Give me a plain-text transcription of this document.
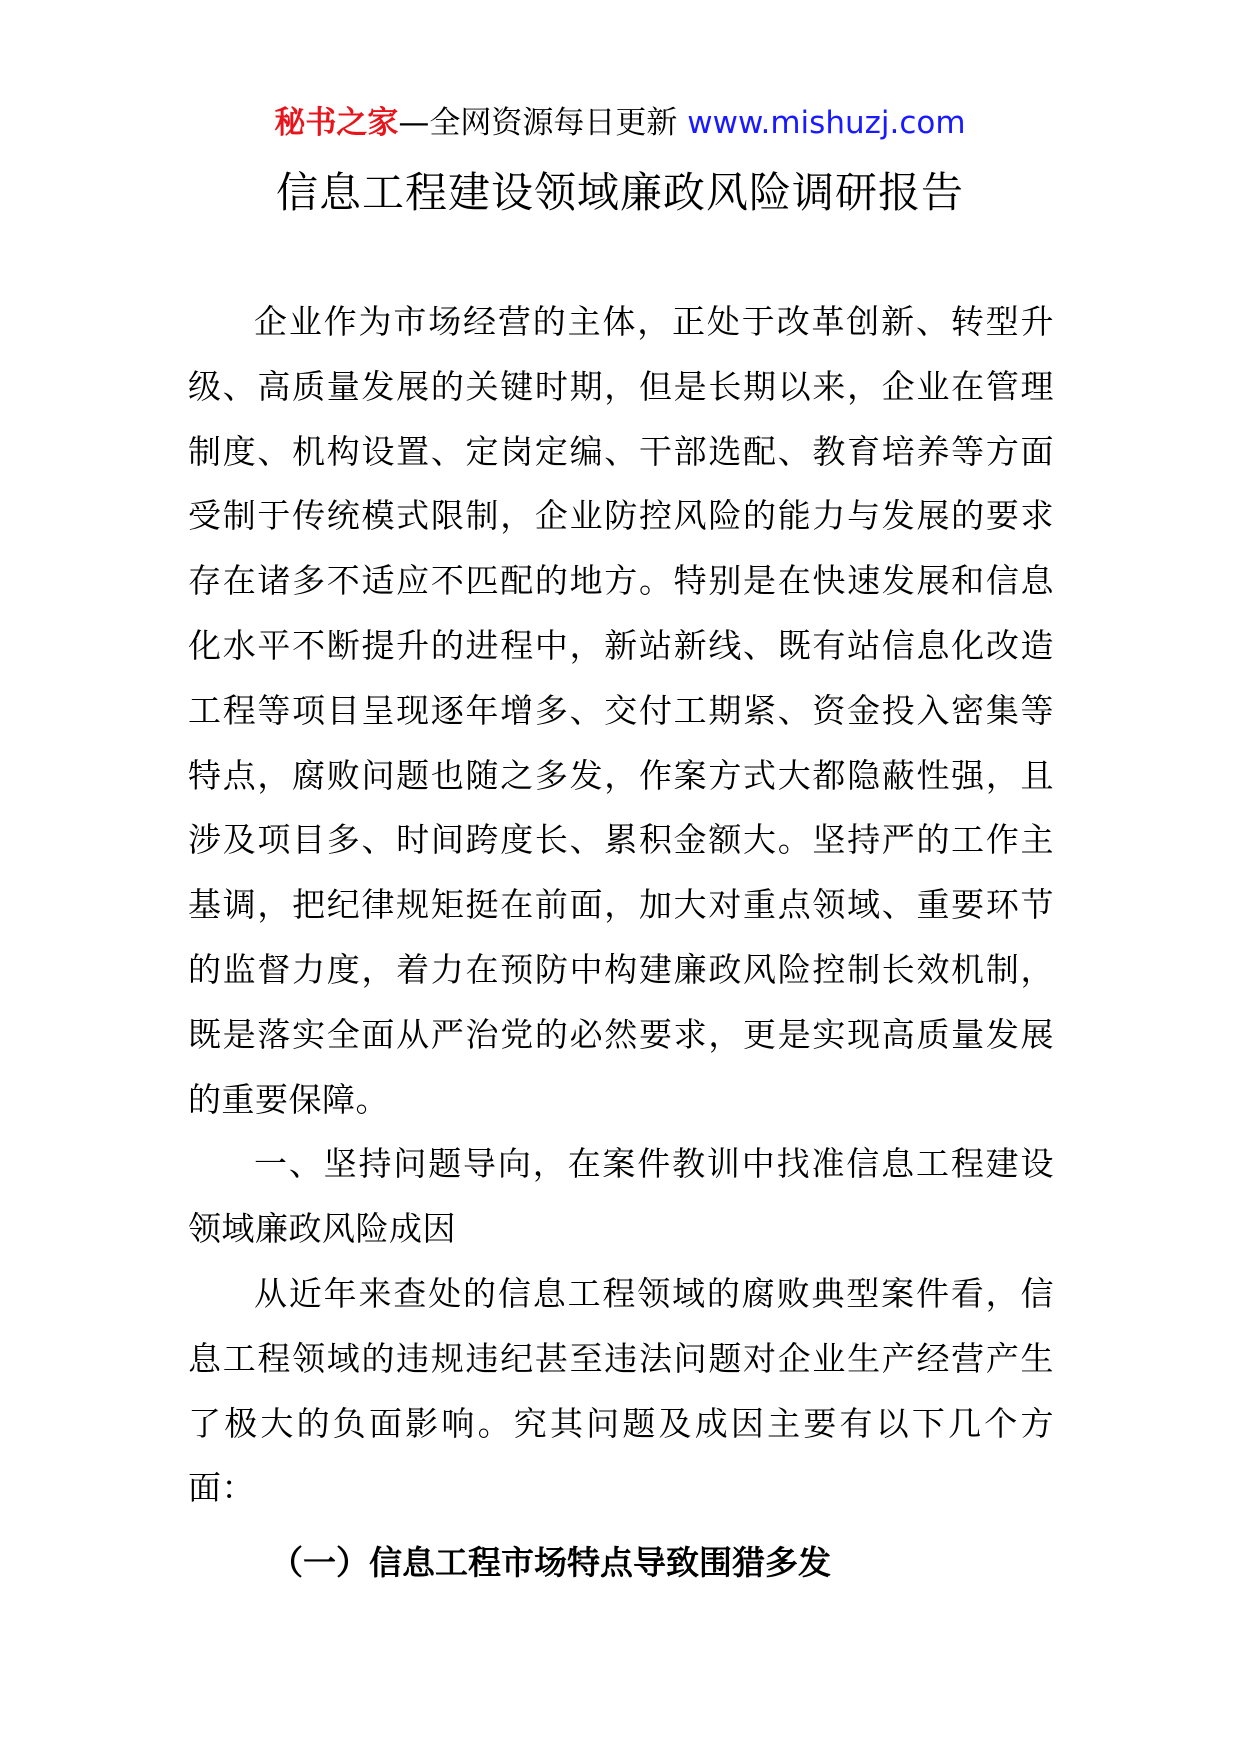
秘书之家—全网资源每日更新 www.mishuzj.com
信息工程建设领域廉政风险调研报告

企业作为市场经营的主体，正处于改革创新、转型升级、高质量发展的关键时期，但是长期以来，企业在管理制度、机构设置、定岗定编、干部选配、教育培养等方面受制于传统模式限制，企业防控风险的能力与发展的要求存在诸多不适应不匹配的地方。特别是在快速发展和信息化水平不断提升的进程中，新站新线、既有站信息化改造工程等项目呈现逐年增多、交付工期紧、资金投入密集等特点，腐败问题也随之多发，作案方式大都隐蔽性强，且涉及项目多、时间跨度长、累积金额大。坚持严的工作主基调，把纪律规矩挺在前面，加大对重点领域、重要环节的监督力度，着力在预防中构建廉政风险控制长效机制，既是落实全面从严治党的必然要求，更是实现高质量发展的重要保障。

一、坚持问题导向，在案件教训中找准信息工程建设领域廉政风险成因

从近年来查处的信息工程领域的腐败典型案件看，信息工程领域的违规违纪甚至违法问题对企业生产经营产生了极大的负面影响。究其问题及成因主要有以下几个方面：

（一）信息工程市场特点导致围猎多发
